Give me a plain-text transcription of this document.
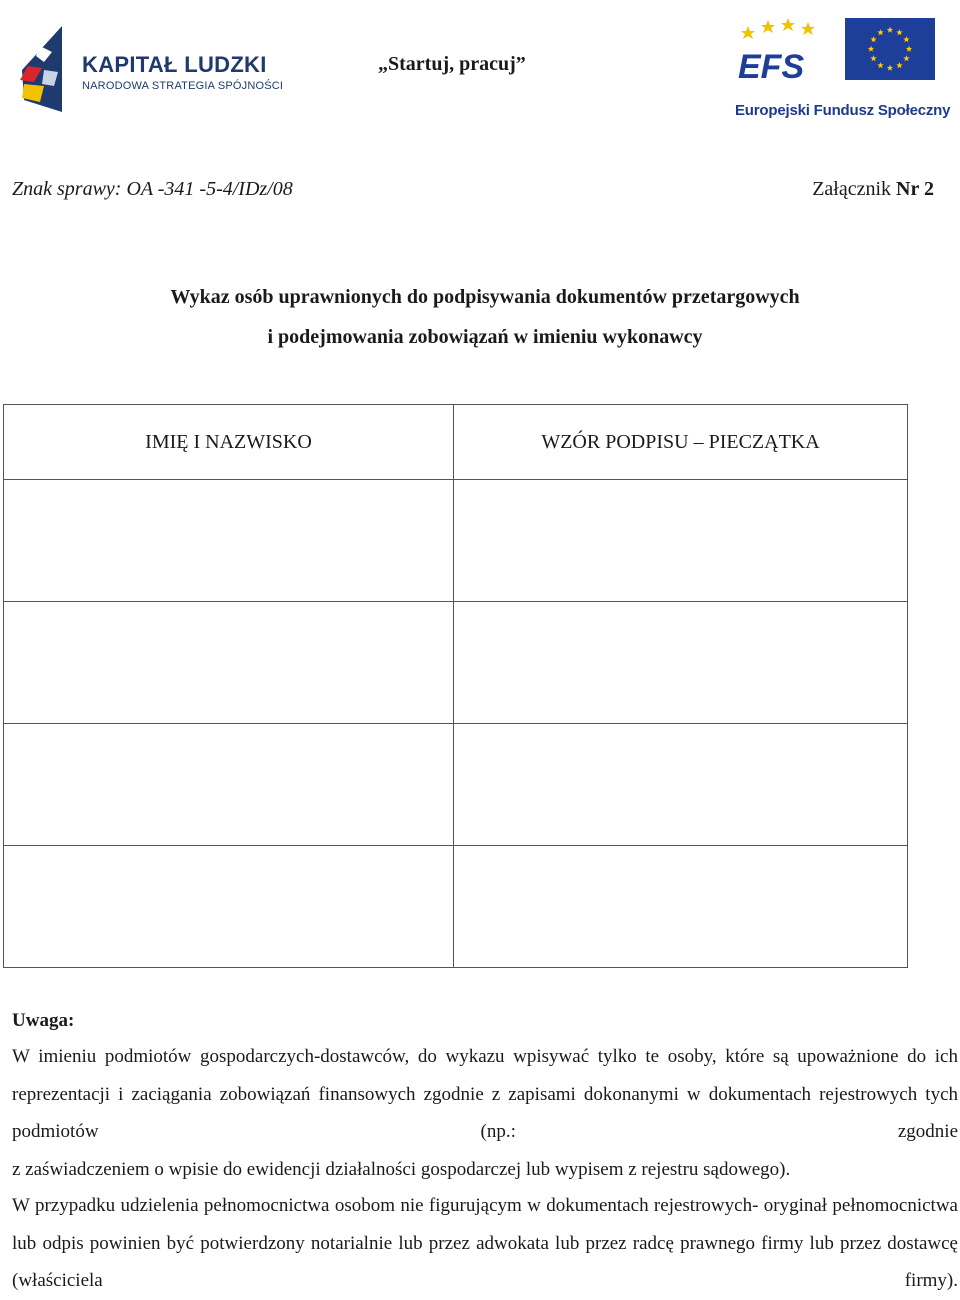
KAPITAŁ LUDZKI
NARODOWA STRATEGIA SPÓJNOŚCI
„Startuj, pracuj”	EFS
Europejski Fundusz Społeczny
Znak sprawy: OA -341 -5-4/IDz/08	Załącznik Nr 2
Wykaz osób uprawnionych do podpisywania dokumentów przetargowych
i podejmowania zobowiązań w imieniu wykonawcy
IMIĘ I NAZWISKO	WZÓR PODPISU – PIECZĄTKA

Uwaga:
W imieniu podmiotów gospodarczych-dostawców, do wykazu wpisywać tylko te osoby, które są upoważnione do ich reprezentacji i zaciągania zobowiązań finansowych zgodnie z zapisami dokonanymi w dokumentach rejestrowych tych podmiotów (np.: zgodnie
z zaświadczeniem o wpisie do ewidencji działalności gospodarczej lub wypisem z rejestru sądowego).
W przypadku udzielenia pełnomocnictwa osobom nie figurującym w dokumentach rejestrowych- oryginał pełnomocnictwa lub odpis powinien być potwierdzony notarialnie lub przez adwokata lub przez radcę prawnego firmy lub przez dostawcę (właściciela firmy).
